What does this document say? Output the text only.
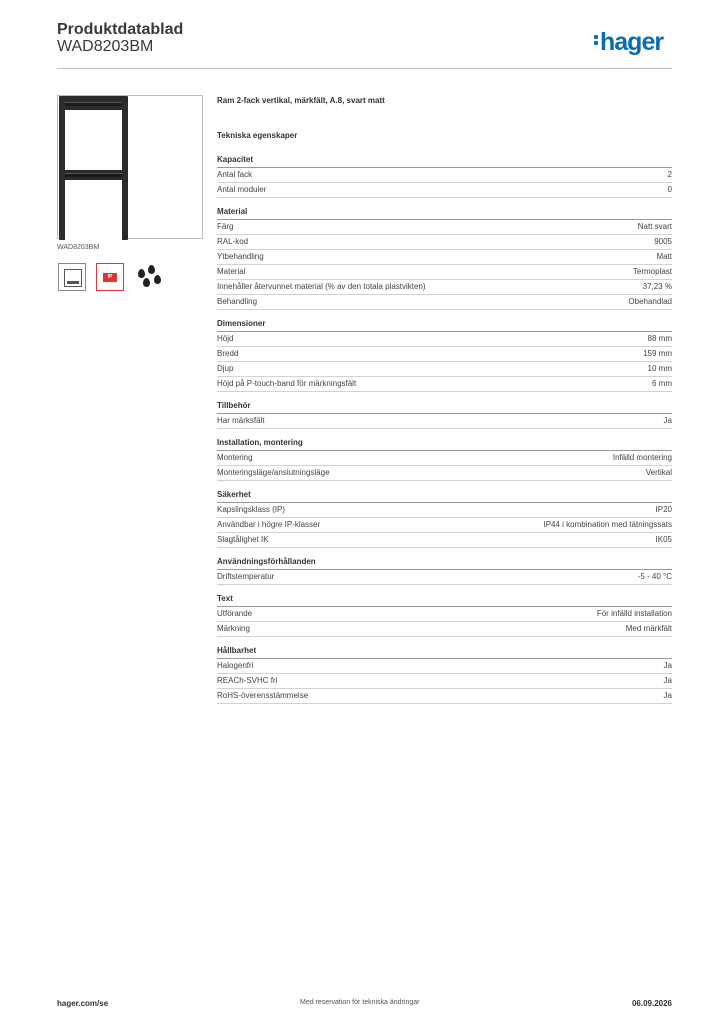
Produktdatablad
WAD8203BM	hager
WAD8203BM
IP
Ram 2-fack vertikal, märkfält, A.8, svart matt
Tekniska egenskaper
Kapacitet
Antal fack	2
Antal moduler	0
Material
Färg	Natt svart
RAL-kod	9005
Ytbehandling	Matt
Material	Termoplast
Innehåller återvunnet material (% av den totala plastvikten)	37,23 %
Behandling	Obehandlad
Dimensioner
Höjd	88 mm
Bredd	159 mm
Djup	10 mm
Höjd på P-touch-band för märkningsfält	6 mm
Tillbehör
Har märksfält	Ja
Installation, montering
Montering	Infälld montering
Monteringsläge/anslutningsläge	Vertikal
Säkerhet
Kapslingsklass (IP)	IP20
Användbar i högre IP-klasser	IP44 i kombination med tätningssats
Slagtålighet IK	IK05
Användningsförhållanden
Driftstemperatur	-5 - 40 °C
Text
Utförande	För infälld installation
Märkning	Med märkfält
Hållbarhet
Halogenfri	Ja
REACh-SVHC fri	Ja
RoHS-överensstämmelse	Ja
hager.com/se	Med reservation för tekniska ändringar	06.09.2026
